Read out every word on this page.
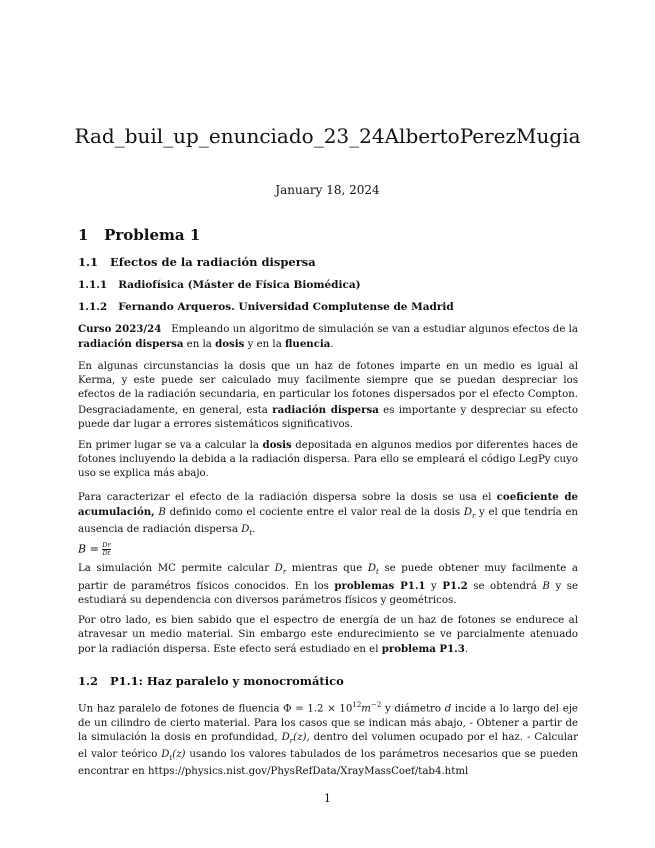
Rad_buil_up_enunciado_23_24AlbertoPerezMugia
January 18, 2024
1 Problema 1
1.1 Efectos de la radiación dispersa
1.1.1 Radiofísica (Máster de Física Biomédica)
1.1.2 Fernando Arqueros. Universidad Complutense de Madrid
Curso 2023/24 Empleando un algoritmo de simulación se van a estudiar algunos efectos de la radiación dispersa en la dosis y en la fluencia.
En algunas circunstancias la dosis que un haz de fotones imparte en un medio es igual al Kerma, y este puede ser calculado muy facilmente siempre que se puedan despreciar los efectos de la radiación secundaria, en particular los fotones dispersados por el efecto Compton. Desgraciadamente, en general, esta radiación dispersa es importante y despreciar su efecto puede dar lugar a errores sistemáticos significativos.
En primer lugar se va a calcular la dosis depositada en algunos medios por diferentes haces de fotones incluyendo la debida a la radiación dispersa. Para ello se empleará el código LegPy cuyo uso se explica más abajo.
Para caracterizar el efecto de la radiación dispersa sobre la dosis se usa el coeficiente de acumulación, B definido como el cociente entre el valor real de la dosis $D_r$ y el que tendría en ausencia de radiación dispersa $D_t$.
$B = \frac{Dr}{Dt}$
La simulación MC permite calcular $D_r$ mientras que $D_t$ se puede obtener muy facilmente a partir de paramétros físicos conocidos. En los problemas P1.1 y P1.2 se obtendrá B y se estudiará su dependencia con diversos parámetros físicos y geométricos.
Por otro lado, es bien sabido que el espectro de energía de un haz de fotones se endurece al atravesar un medio material. Sin embargo este endurecimiento se ve parcialmente atenuado por la radiación dispersa. Este efecto será estudiado en el problema P1.3.
1.2 P1.1: Haz paralelo y monocromático
Un haz paralelo de fotones de fluencia $\Phi = 1.2 \times 10^{12}m^{-2}$ y diámetro d incide a lo largo del eje de un cilindro de cierto material. Para los casos que se indican más abajo, - Obtener a partir de la simulación la dosis en profundidad, $D_r(z)$, dentro del volumen ocupado por el haz. - Calcular el valor teórico $D_t(z)$ usando los valores tabulados de los parámetros necesarios que se pueden encontrar en https://physics.nist.gov/PhysRefData/XrayMassCoef/tab4.html
1
